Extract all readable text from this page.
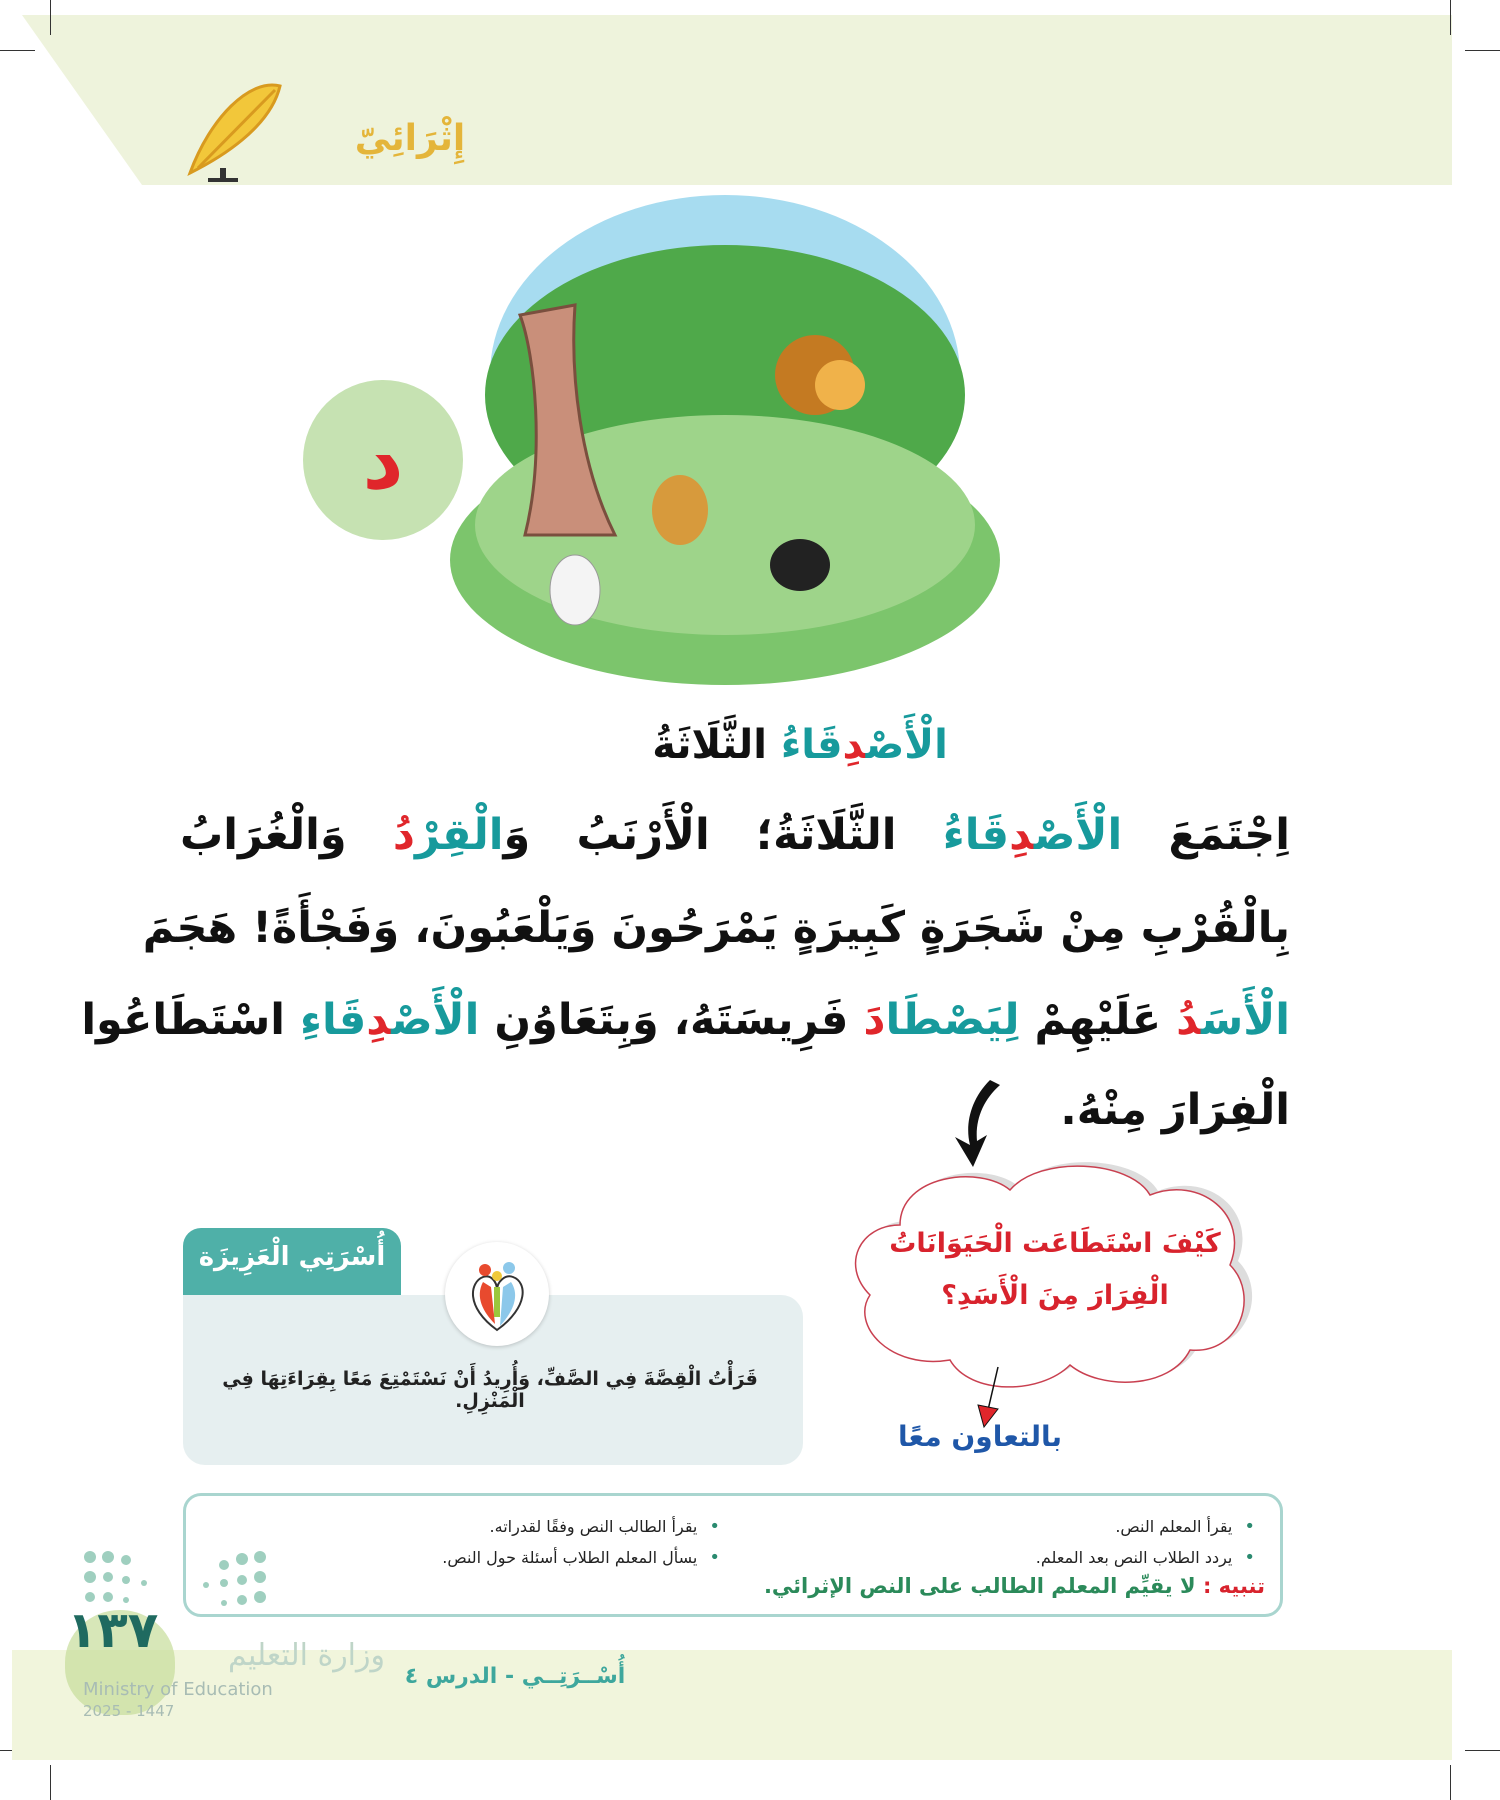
إِثْرَائِيّ
د
الْأَصْدِقَاءُ الثَّلَاثَةُ
اِجْتَمَعَ الْأَصْدِقَاءُ الثَّلَاثَةُ؛ الْأَرْنَبُ وَالْقِرْدُ وَالْغُرَابُ
بِالْقُرْبِ مِنْ شَجَرَةٍ كَبِيرَةٍ يَمْرَحُونَ وَيَلْعَبُونَ، وَفَجْأَةً! هَجَمَ
الْأَسَدُ عَلَيْهِمْ لِيَصْطَادَ فَرِيسَتَهُ، وَبِتَعَاوُنِ الْأَصْدِقَاءِ اسْتَطَاعُوا
الْفِرَارَ مِنْهُ.
كَيْفَ اسْتَطَاعَت الْحَيَوَانَاتُ
الْفِرَارَ مِنَ الْأَسَدِ؟
بالتعاون معًا
أُسْرَتِي الْعَزِيزَة
قَرَأْتُ الْقِصَّةَ فِي الصَّفِّ، وَأُرِيدُ أَنْ نَسْتَمْتِعَ مَعًا بِقِرَاءَتِهَا فِي الْمَنْزِلِ.
• يقرأ المعلم النص.
• يردد الطلاب النص بعد المعلم.
• يقرأ الطالب النص وفقًا لقدراته.
• يسأل المعلم الطلاب أسئلة حول النص.
تنبيه : لا يقيِّم المعلم الطالب على النص الإثرائي.
وزارة التعليم
١٣٧
Ministry of Education
2025 - 1447
أُسْــرَتِــي - الدرس ٤
